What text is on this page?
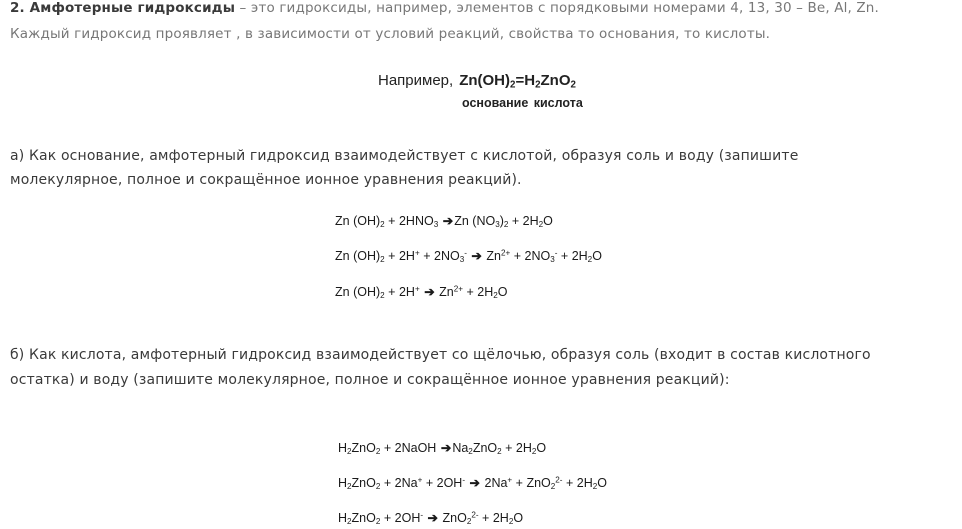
2. Амфотерные гидроксиды – это гидроксиды, например, элементов с порядковыми номерами 4, 13, 30 – Be, Al, Zn.
Каждый гидроксид проявляет , в зависимости от условий реакций, свойства то основания, то кислоты.
Например, $Zn(OH)_2=H_2ZnO_2$
основание кислота
а) Как основание, амфотерный гидроксид взаимодействует с кислотой, образуя соль и воду (запишите
молекулярное, полное и сокращённое ионное уравнения реакций).
Zn $(OH)_2 + 2HNO_3$ ➔Zn $(NO_3)_2 + 2H_2O$
Zn $(OH)_2 + 2H^+ + 2NO_3^-$ ➔ $Zn^{2+} + 2NO_3^- + 2H_2O$
Zn $(OH)_2 + 2H^+$ ➔ $Zn^{2+} + 2H_2O$
б) Как кислота, амфотерный гидроксид взаимодействует со щёлочью, образуя соль (входит в состав кислотного
остатка) и воду (запишите молекулярное, полное и сокращённое ионное уравнения реакций):
$H_2ZnO_2$ + 2NaOH $➔Na_2ZnO_2 + 2H_2O$
$H_2ZnO_2 + 2Na^+ + 2OH^-$ ➔ $2Na^+ + ZnO_2^{2-} + 2H_2O$
$H_2ZnO_2 + 2OH^-$ ➔ $ZnO_2^{2-} + 2H_2O$
